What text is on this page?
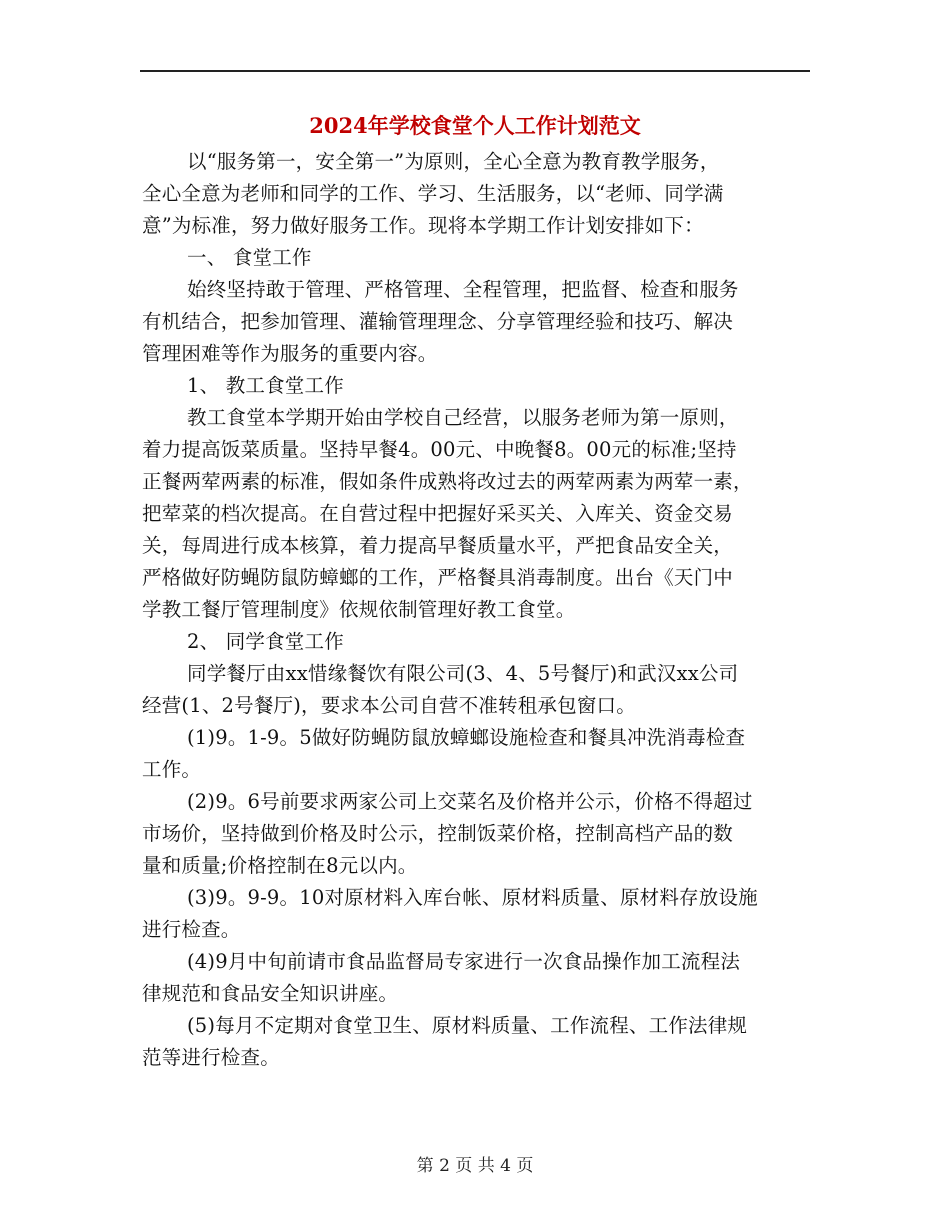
2024年学校食堂个人工作计划范文
以“服务第一，安全第一”为原则，全心全意为教育教学服务，
全心全意为老师和同学的工作、学习、生活服务，以“老师、同学满
意”为标准，努力做好服务工作。现将本学期工作计划安排如下：
一、 食堂工作
始终坚持敢于管理、严格管理、全程管理，把监督、检查和服务
有机结合，把参加管理、灌输管理理念、分享管理经验和技巧、解决
管理困难等作为服务的重要内容。
1、 教工食堂工作
教工食堂本学期开始由学校自己经营，以服务老师为第一原则，
着力提高饭菜质量。坚持早餐4。00元、中晚餐8。00元的标准;坚持
正餐两荤两素的标准，假如条件成熟将改过去的两荤两素为两荤一素，
把荤菜的档次提高。在自营过程中把握好采买关、入库关、资金交易
关，每周进行成本核算，着力提高早餐质量水平，严把食品安全关，
严格做好防蝇防鼠防蟑螂的工作，严格餐具消毒制度。出台《天门中
学教工餐厅管理制度》依规依制管理好教工食堂。
2、 同学食堂工作
同学餐厅由xx惜缘餐饮有限公司(3、4、5号餐厅)和武汉xx公司
经营(1、2号餐厅)，要求本公司自营不准转租承包窗口。
(1)9。1-9。5做好防蝇防鼠放蟑螂设施检查和餐具冲洗消毒检查
工作。
(2)9。6号前要求两家公司上交菜名及价格并公示，价格不得超过
市场价，坚持做到价格及时公示，控制饭菜价格，控制高档产品的数
量和质量;价格控制在8元以内。
(3)9。9-9。10对原材料入库台帐、原材料质量、原材料存放设施
进行检查。
(4)9月中旬前请市食品监督局专家进行一次食品操作加工流程法
律规范和食品安全知识讲座。
(5)每月不定期对食堂卫生、原材料质量、工作流程、工作法律规
范等进行检查。
第 2 页 共 4 页
